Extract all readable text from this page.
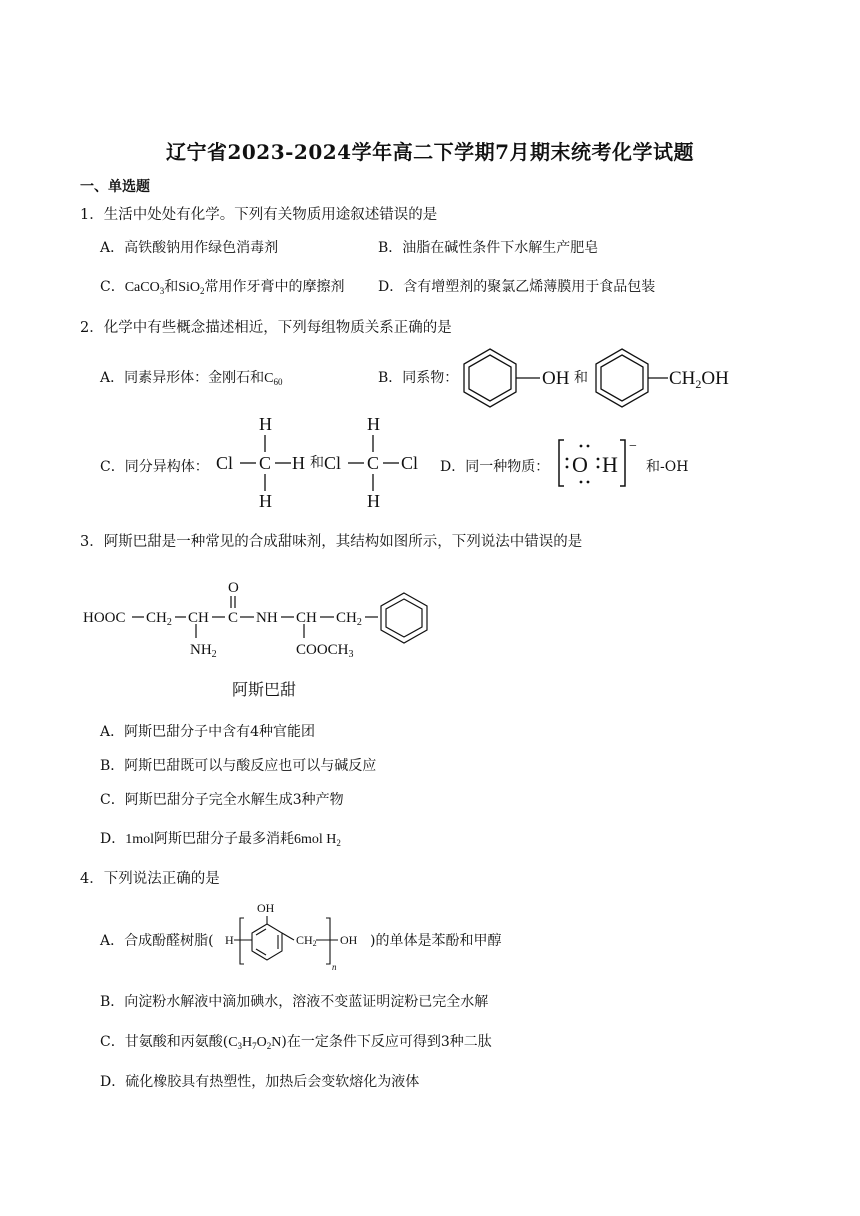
辽宁省2023-2024学年高二下学期7月期末统考化学试题
一、单选题
1．生活中处处有化学。下列有关物质用途叙述错误的是
A．高铁酸钠用作绿色消毒剂	B．油脂在碱性条件下水解生产肥皂
C．CaCO$_3$和SiO$_2$常用作牙膏中的摩擦剂 D．含有增塑剂的聚氯乙烯薄膜用于食品包装
2．化学中有些概念描述相近，下列每组物质关系正确的是
A．同素异形体：金刚石和$C_{60}$	B．同系物：	OH 和	$CH_2OH$
C．同分异构体： Cl C
H
H
H	C
H
H
Cl	Cl
和	D．同一种物质： O H
−
和-OH
3．阿斯巴甜是一种常见的合成甜味剂，其结构如图所示，下列说法中错误的是
HOOC $CH_2$ CH C
O
NH CH $CH_2$
$NH_2$	$COOCH_3$
阿斯巴甜
A．阿斯巴甜分子中含有4种官能团
B．阿斯巴甜既可以与酸反应也可以与碱反应
C．阿斯巴甜分子完全水解生成3种产物
D．1mol阿斯巴甜分子最多消耗6mol $H_2$
4．下列说法正确的是
A．合成酚醛树脂( H
OH
CH2 OH
n
)的单体是苯酚和甲醇
B．向淀粉水解液中滴加碘水，溶液不变蓝证明淀粉已完全水解
C．甘氨酸和丙氨酸$(C_3H_7O_2N)$在一定条件下反应可得到3种二肽
D．硫化橡胶具有热塑性，加热后会变软熔化为液体
